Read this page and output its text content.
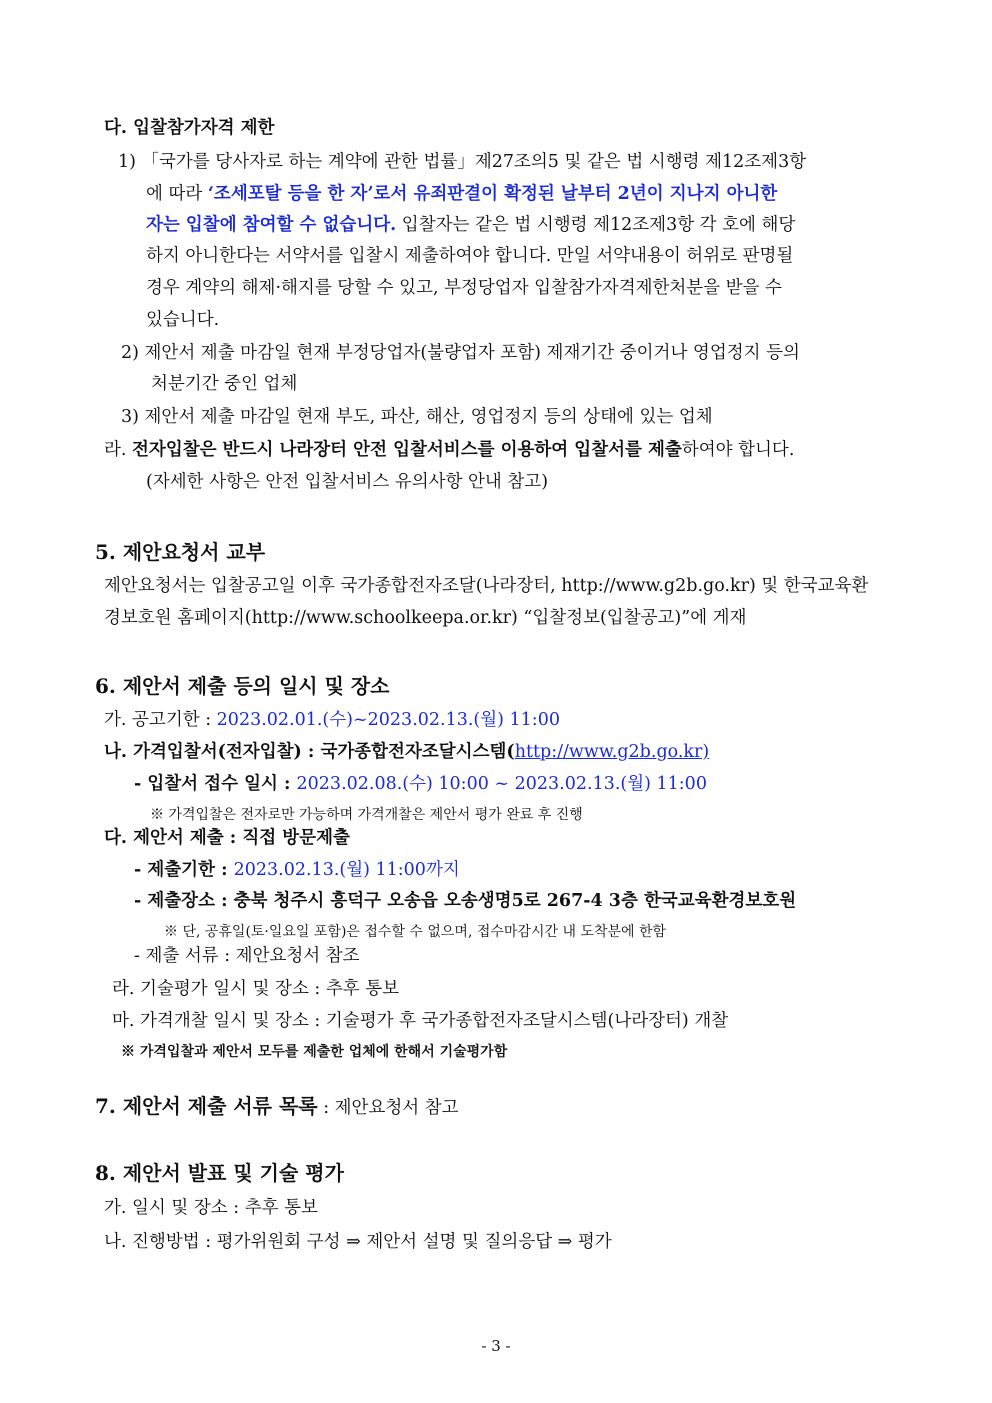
다. 입찰참가자격 제한
1) 「국가를 당사자로 하는 계약에 관한 법률」제27조의5 및 같은 법 시행령 제12조제3항
에 따라 ‘조세포탈 등을 한 자’로서 유죄판결이 확정된 날부터 2년이 지나지 아니한
자는 입찰에 참여할 수 없습니다. 입찰자는 같은 법 시행령 제12조제3항 각 호에 해당
하지 아니한다는 서약서를 입찰시 제출하여야 합니다. 만일 서약내용이 허위로 판명될
경우 계약의 해제·해지를 당할 수 있고, 부정당업자 입찰참가자격제한처분을 받을 수
있습니다.
2) 제안서 제출 마감일 현재 부정당업자(불량업자 포함) 제재기간 중이거나 영업정지 등의
처분기간 중인 업체
3) 제안서 제출 마감일 현재 부도, 파산, 해산, 영업정지 등의 상태에 있는 업체
라. 전자입찰은 반드시 나라장터 안전 입찰서비스를 이용하여 입찰서를 제출하여야 합니다.
(자세한 사항은 안전 입찰서비스 유의사항 안내 참고)
5. 제안요청서 교부
제안요청서는 입찰공고일 이후 국가종합전자조달(나라장터, http://www.g2b.go.kr) 및 한국교육환
경보호원 홈페이지(http://www.schoolkeepa.or.kr) “입찰정보(입찰공고)”에 게재
6. 제안서 제출 등의 일시 및 장소
가. 공고기한 : 2023.02.01.(수)~2023.02.13.(월) 11:00
나. 가격입찰서(전자입찰) : 국가종합전자조달시스템(http://www.g2b.go.kr)
- 입찰서 접수 일시 : 2023.02.08.(수) 10:00 ~ 2023.02.13.(월) 11:00
※ 가격입찰은 전자로만 가능하며 가격개찰은 제안서 평가 완료 후 진행
다. 제안서 제출 : 직접 방문제출
- 제출기한 : 2023.02.13.(월) 11:00까지
- 제출장소 : 충북 청주시 흥덕구 오송읍 오송생명5로 267-4 3층 한국교육환경보호원
※ 단, 공휴일(토·일요일 포함)은 접수할 수 없으며, 접수마감시간 내 도착분에 한함
- 제출 서류 : 제안요청서 참조
라. 기술평가 일시 및 장소 : 추후 통보
마. 가격개찰 일시 및 장소 : 기술평가 후 국가종합전자조달시스템(나라장터) 개찰
※ 가격입찰과 제안서 모두를 제출한 업체에 한해서 기술평가함
7. 제안서 제출 서류 목록 : 제안요청서 참고
8. 제안서 발표 및 기술 평가
가. 일시 및 장소 : 추후 통보
나. 진행방법 : 평가위원회 구성 ⇒ 제안서 설명 및 질의응답 ⇒ 평가
- 3 -
